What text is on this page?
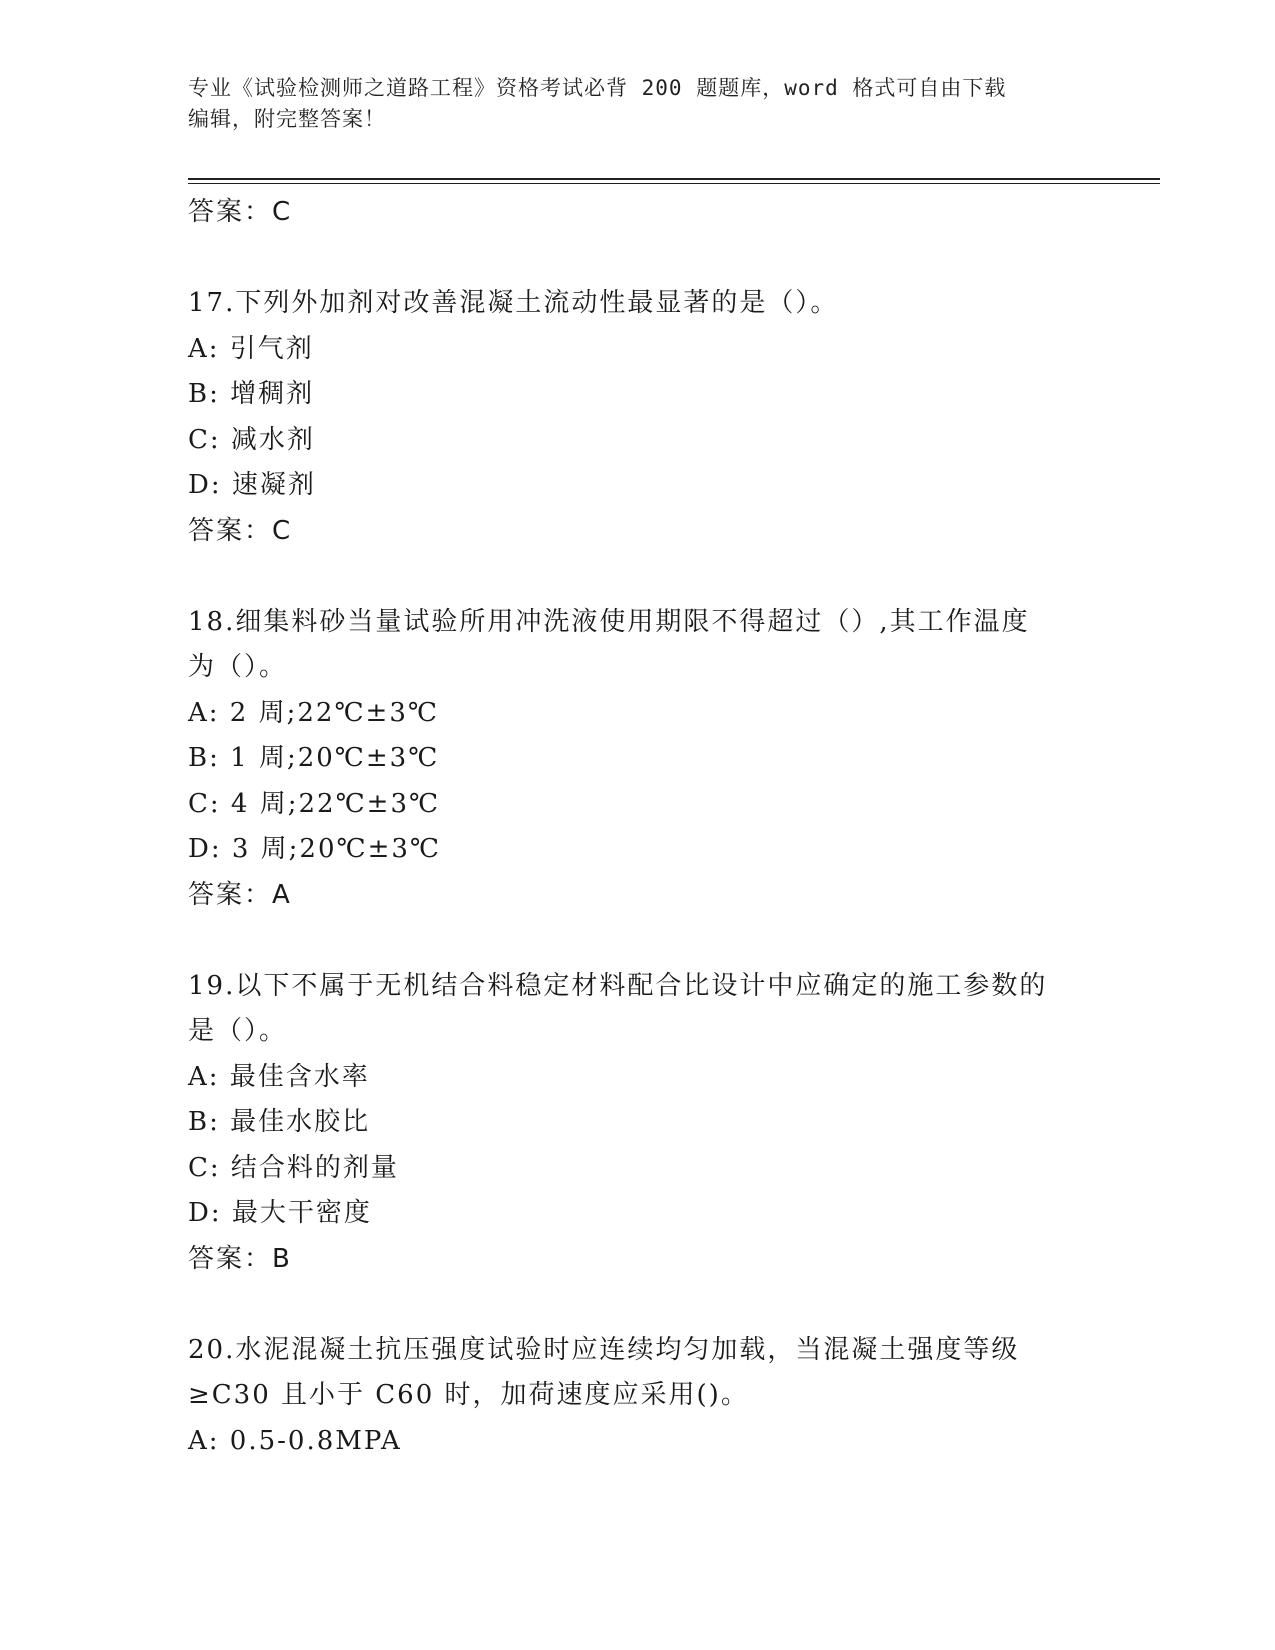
专业《试验检测师之道路工程》资格考试必背 200 题题库，word 格式可自由下载
编辑，附完整答案！
答案：C
17.下列外加剂对改善混凝土流动性最显著的是（）。
A: 引气剂
B: 增稠剂
C: 减水剂
D: 速凝剂
答案：C
18.细集料砂当量试验所用冲洗液使用期限不得超过（）,其工作温度
为（）。
A: 2 周;22℃±3℃
B: 1 周;20℃±3℃
C: 4 周;22℃±3℃
D: 3 周;20℃±3℃
答案：A
19.以下不属于无机结合料稳定材料配合比设计中应确定的施工参数的
是（）。
A: 最佳含水率
B: 最佳水胶比
C: 结合料的剂量
D: 最大干密度
答案：B
20.水泥混凝土抗压强度试验时应连续均匀加载，当混凝土强度等级
≥C30 且小于 C60 时，加荷速度应采用()。
A: 0.5-0.8MPA
